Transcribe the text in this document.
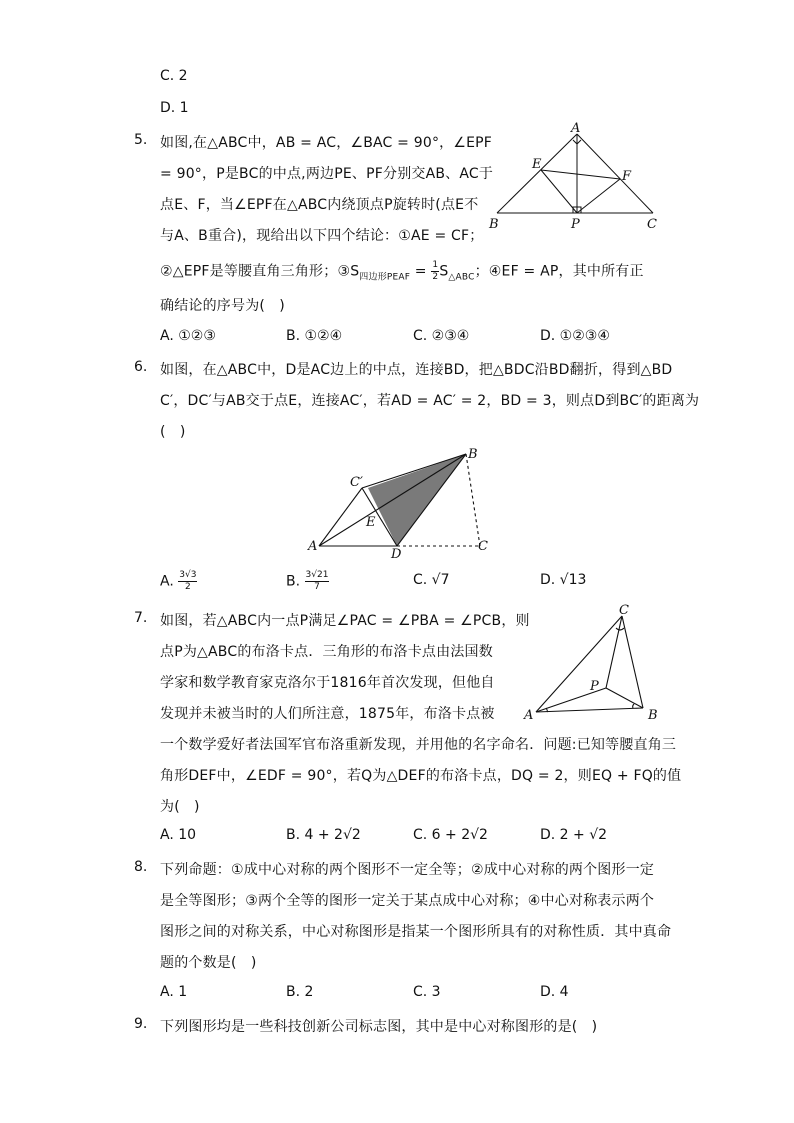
C. 2
D. 1
5. 如图,在△ABC中，AB = AC，∠BAC = 90°，∠EPF
= 90°，P是BC的中点,两边PE、PF分别交AB、AC于
点E、F，当∠EPF在△ABC内绕顶点P旋转时(点E不
与A、B重合)，现给出以下四个结论：①AE = CF；
②△EPF是等腰直角三角形；$③S_{四边形PEAF} = \frac{1}{2} S_{\triangle ABC}$；④EF = AP，其中所有正
确结论的序号为(　)
A. ①②③	B. ①②④	C. ②③④	D. ①②③④
A
B	C
E
F
P
6. 如图，在△ABC中，D是AC边上的中点，连接BD，把△BDC沿BD翻折，得到△BD
C′，DC′与AB交于点E，连接AC′，若AD = AC′ = 2，BD = 3，则点D到BC′的距离为
(　)
A
B
C
C′
D
E
A. $\frac{3√3}{2}$	B. $\frac{3√21}{7}$	C. √7	D. √13
7. 如图，若△ABC内一点P满足∠PAC = ∠PBA = ∠PCB，则
点P为△ABC的布洛卡点．三角形的布洛卡点由法国数
学家和数学教育家克洛尔于1816年首次发现，但他自
发现并未被当时的人们所注意，1875年，布洛卡点被
一个数学爱好者法国军官布洛重新发现，并用他的名字命名．问题:已知等腰直角三
角形DEF中，∠EDF = 90°，若Q为△DEF的布洛卡点，DQ = 2，则EQ + FQ的值
为(　)
A. 10	B. 4 + 2√2	C. 6 + 2√2	D. 2 + √2
A	B
C
P
8. 下列命题：①成中心对称的两个图形不一定全等；②成中心对称的两个图形一定
是全等图形；③两个全等的图形一定关于某点成中心对称；④中心对称表示两个
图形之间的对称关系，中心对称图形是指某一个图形所具有的对称性质．其中真命
题的个数是(　)
A. 1	B. 2	C. 3	D. 4
9. 下列图形均是一些科技创新公司标志图，其中是中心对称图形的是(　)
